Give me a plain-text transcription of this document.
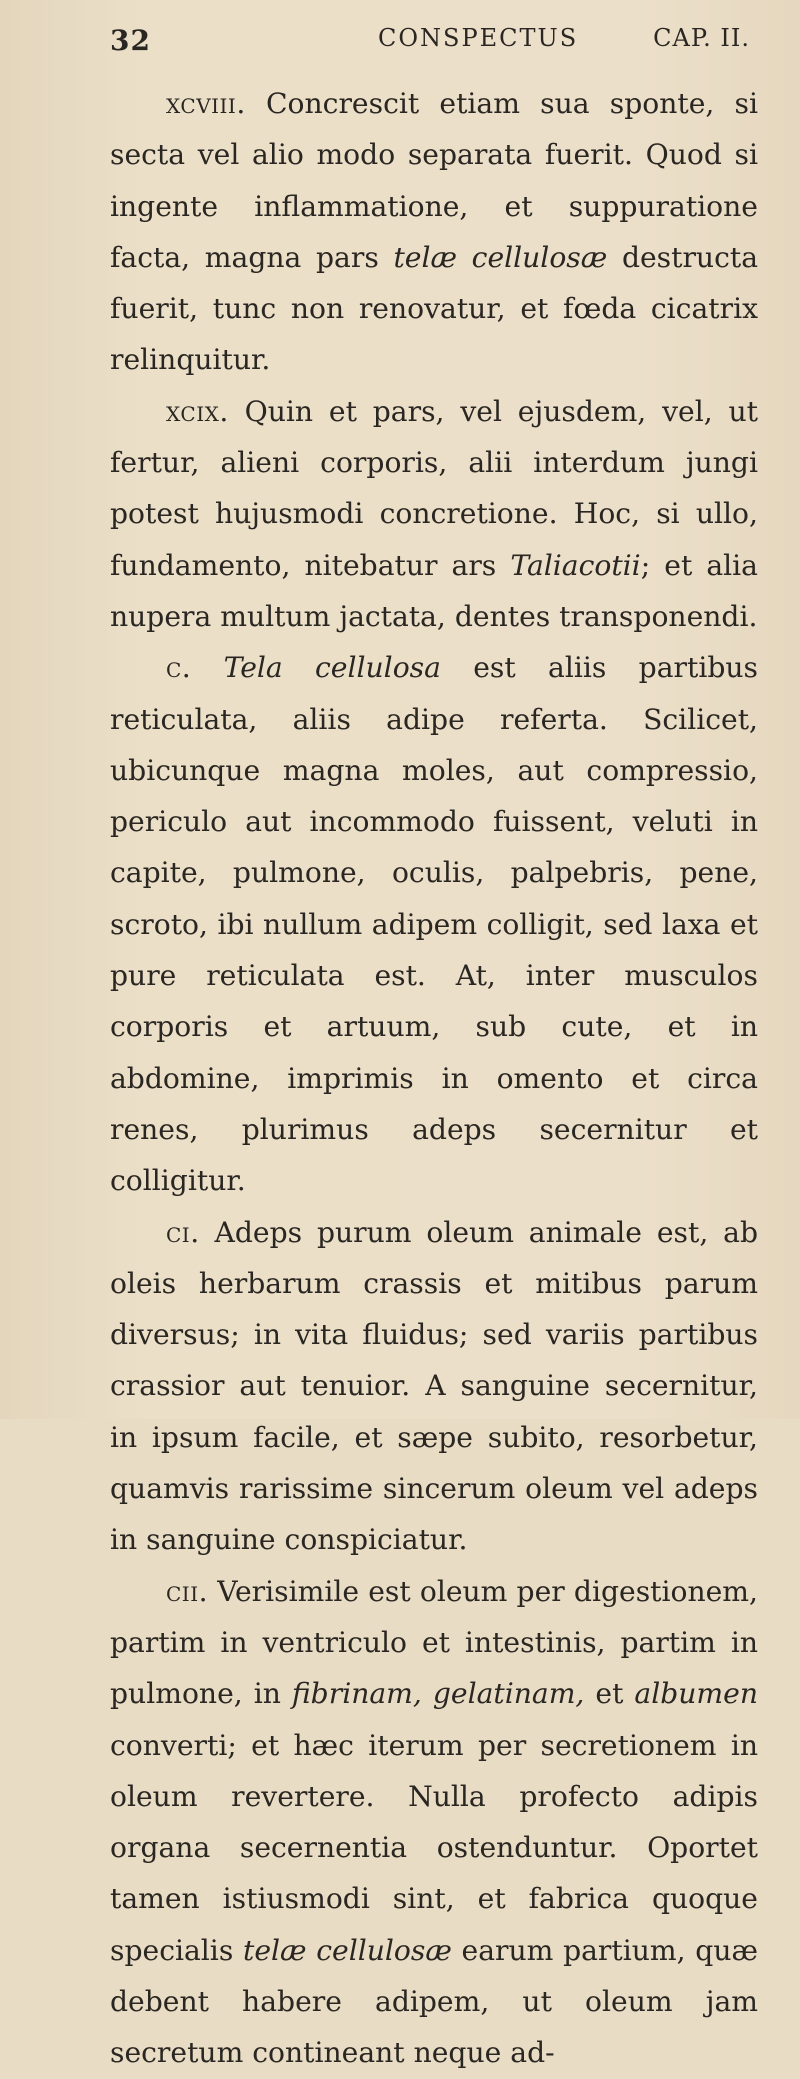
32	CONSPECTUS	CAP. II.

xcviii. Concrescit etiam sua sponte, si secta vel alio modo separata fuerit. Quod si ingente inflammatione, et suppuratione facta, magna pars telæ cellulosæ destructa fuerit, tunc non renovatur, et fœda cicatrix relinquitur.

xcix. Quin et pars, vel ejusdem, vel, ut fertur, alieni corporis, alii interdum jungi potest hujusmodi concretione. Hoc, si ullo, fundamento, nitebatur ars Taliacotii; et alia nupera multum jactata, dentes transponendi.

c. Tela cellulosa est aliis partibus reticulata, aliis adipe referta. Scilicet, ubicunque magna moles, aut compressio, periculo aut incommodo fuissent, veluti in capite, pulmone, oculis, palpebris, pene, scroto, ibi nullum adipem colligit, sed laxa et pure reticulata est. At, inter musculos corporis et artuum, sub cute, et in abdomine, imprimis in omento et circa renes, plurimus adeps secernitur et colligitur.

ci. Adeps purum oleum animale est, ab oleis herbarum crassis et mitibus parum diversus; in vita fluidus; sed variis partibus crassior aut tenuior. A sanguine secernitur, in ipsum facile, et sæpe subito, resorbetur, quamvis rarissime sincerum oleum vel adeps in sanguine conspiciatur.

cii. Verisimile est oleum per digestionem, partim in ventriculo et intestinis, partim in pulmone, in fibrinam, gelatinam, et albumen converti; et hæc iterum per secretionem in oleum revertere. Nulla profecto adipis organa secernentia ostenduntur. Oportet tamen istiusmodi sint, et fabrica quoque specialis telæ cellulosæ earum partium, quæ debent habere adipem, ut oleum jam secretum contineant neque ad-
